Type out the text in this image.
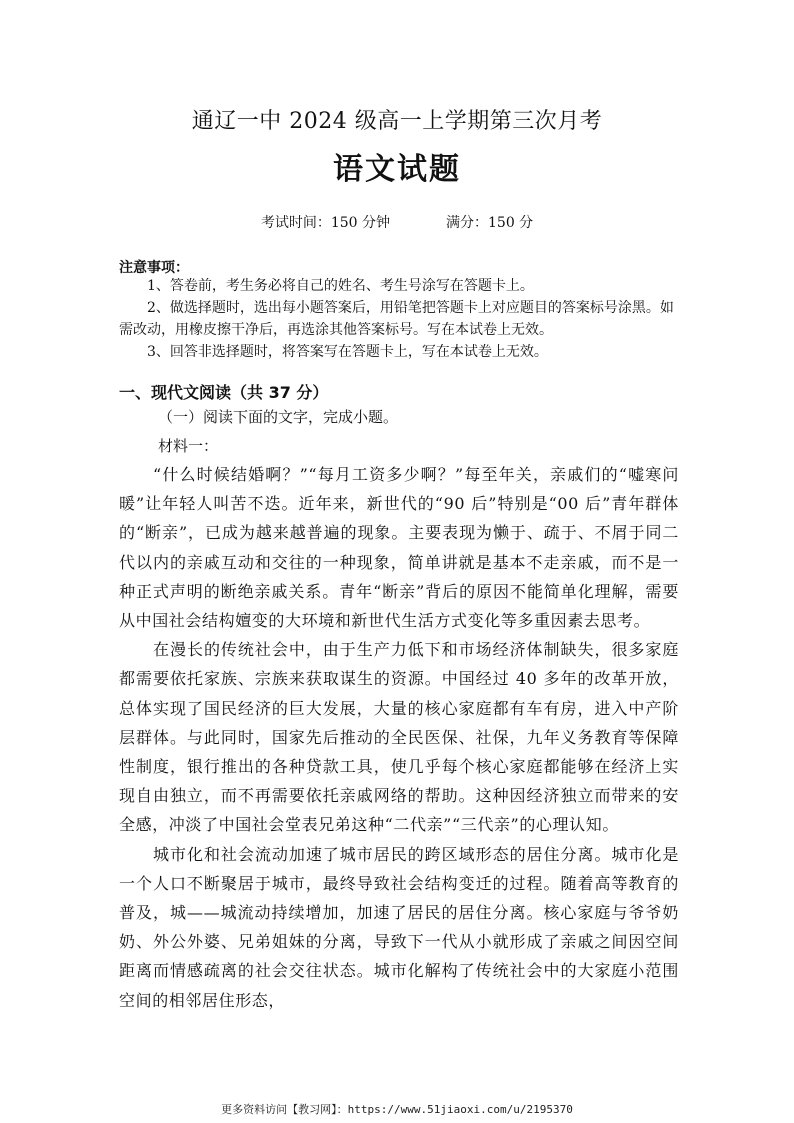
通辽一中 2024 级高一上学期第三次月考
语文试题
考试时间：150 分钟	满分：150 分
注意事项：

1、答卷前，考生务必将自己的姓名、考生号涂写在答题卡上。

2、做选择题时，选出每小题答案后，用铅笔把答题卡上对应题目的答案标号涂黑。如需改动，用橡皮擦干净后，再选涂其他答案标号。写在本试卷上无效。

3、回答非选择题时，将答案写在答题卡上，写在本试卷上无效。

一、现代文阅读（共 37 分）
（一）阅读下面的文字，完成小题。
材料一：

“什么时候结婚啊？”“每月工资多少啊？”每至年关，亲戚们的“嘘寒问暖”让年轻人叫苦不迭。近年来，新世代的“90 后”特别是“00 后”青年群体的“断亲”，已成为越来越普遍的现象。主要表现为懒于、疏于、不屑于同二代以内的亲戚互动和交往的一种现象，简单讲就是基本不走亲戚，而不是一种正式声明的断绝亲戚关系。青年“断亲”背后的原因不能简单化理解，需要从中国社会结构嬗变的大环境和新世代生活方式变化等多重因素去思考。

在漫长的传统社会中，由于生产力低下和市场经济体制缺失，很多家庭都需要依托家族、宗族来获取谋生的资源。中国经过 40 多年的改革开放，总体实现了国民经济的巨大发展，大量的核心家庭都有车有房，进入中产阶层群体。与此同时，国家先后推动的全民医保、社保，九年义务教育等保障性制度，银行推出的各种贷款工具，使几乎每个核心家庭都能够在经济上实现自由独立，而不再需要依托亲戚网络的帮助。这种因经济独立而带来的安全感，冲淡了中国社会堂表兄弟这种“二代亲”“三代亲”的心理认知。

城市化和社会流动加速了城市居民的跨区域形态的居住分离。城市化是一个人口不断聚居于城市，最终导致社会结构变迁的过程。随着高等教育的普及，城——城流动持续增加，加速了居民的居住分离。核心家庭与爷爷奶奶、外公外婆、兄弟姐妹的分离，导致下一代从小就形成了亲戚之间因空间距离而情感疏离的社会交往状态。城市化解构了传统社会中的大家庭小范围空间的相邻居住形态，

更多资料访问【教习网】：https://www.51jiaoxi.com/u/2195370
